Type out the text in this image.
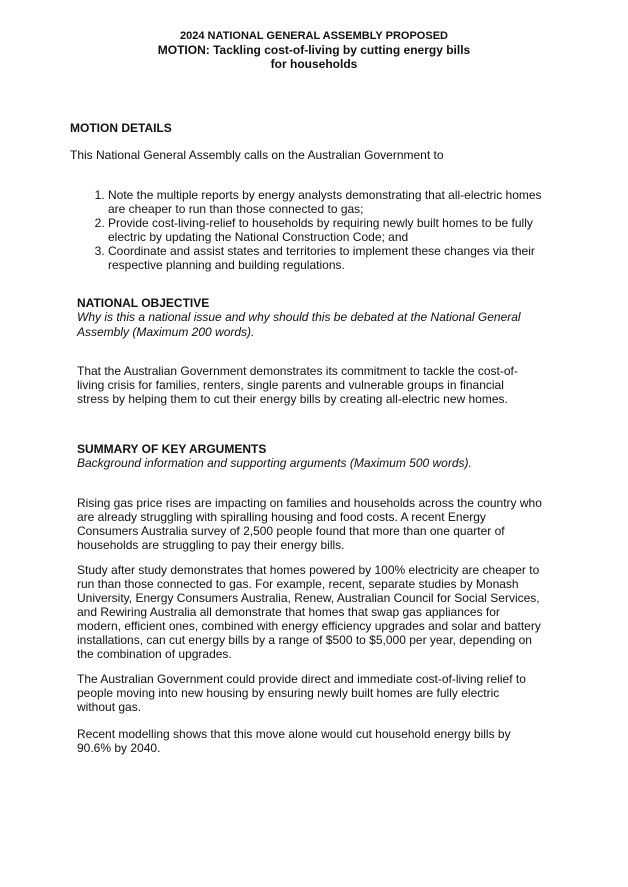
2024 NATIONAL GENERAL ASSEMBLY PROPOSED
MOTION: Tackling cost-of-living by cutting energy bills
for households
MOTION DETAILS
This National General Assembly calls on the Australian Government to
1. Note the multiple reports by energy analysts demonstrating that all-electric homes are cheaper to run than those connected to gas;
2. Provide cost-living-relief to households by requiring newly built homes to be fully electric by updating the National Construction Code; and
3. Coordinate and assist states and territories to implement these changes via their respective planning and building regulations.
NATIONAL OBJECTIVE
Why is this a national issue and why should this be debated at the National General Assembly (Maximum 200 words).
That the Australian Government demonstrates its commitment to tackle the cost-of-living crisis for families, renters, single parents and vulnerable groups in financial stress by helping them to cut their energy bills by creating all-electric new homes.
SUMMARY OF KEY ARGUMENTS
Background information and supporting arguments (Maximum 500 words).
Rising gas price rises are impacting on families and households across the country who are already struggling with spiralling housing and food costs. A recent Energy Consumers Australia survey of 2,500 people found that more than one quarter of households are struggling to pay their energy bills.
Study after study demonstrates that homes powered by 100% electricity are cheaper to run than those connected to gas. For example, recent, separate studies by Monash University, Energy Consumers Australia, Renew, Australian Council for Social Services, and Rewiring Australia all demonstrate that homes that swap gas appliances for modern, efficient ones, combined with energy efficiency upgrades and solar and battery installations, can cut energy bills by a range of $500 to $5,000 per year, depending on the combination of upgrades.
The Australian Government could provide direct and immediate cost-of-living relief to people moving into new housing by ensuring newly built homes are fully electric without gas.
Recent modelling shows that this move alone would cut household energy bills by 90.6% by 2040.
